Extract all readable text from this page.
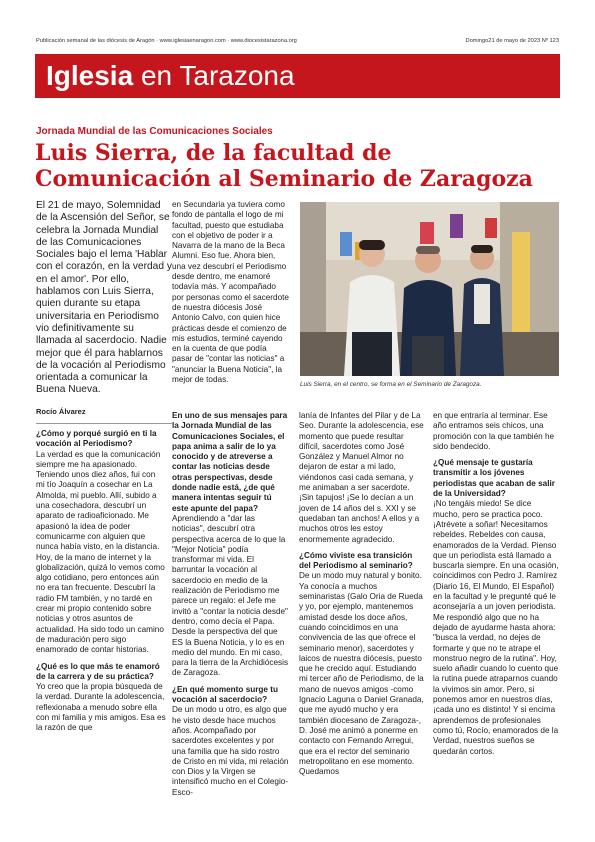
Publicación semanal de las diócesis de Aragón · www.iglesiaenaragon.com · www.diocesistarazona.org	Domingo21 de mayo de 2023 Nº 123
Iglesia en Tarazona
Jornada Mundial de las Comunicaciones Sociales
Luis Sierra, de la facultad de Comunicación al Seminario de Zaragoza

El 21 de mayo, Solemnidad de la Ascensión del Señor, se celebra la Jornada Mundial de las Comunicaciones Sociales bajo el lema 'Hablar con el corazón, en la verdad y en el amor'. Por ello, hablamos con Luis Sierra, quien durante su etapa universitaria en Periodismo vio definitivamente su llamada al sacerdocio. Nadie mejor que él para hablarnos de la vocación al Periodismo orientada a comunicar la Buena Nueva.

Rocío Álvarez

¿Cómo y porqué surgió en ti la vocación al Periodismo?

La verdad es que la comunicación siempre me ha apasionado. Teniendo unos diez años, fui con mi tío Joaquín a cosechar en La Almolda, mi pueblo. Allí, subido a una cosechadora, descubrí un aparato de radioaficionado. Me apasionó la idea de poder comunicarme con alguien que nunca había visto, en la distancia. Hoy, de la mano de internet y la globalización, quizá lo vemos como algo cotidiano, pero entonces aún no era tan frecuente. Descubrí la radio FM también, y no tardé en crear mi propio contenido sobre noticias y otros asuntos de actualidad. Ha sido todo un camino de maduración pero sigo enamorado de contar historias.

¿Qué es lo que más te enamoró de la carrera y de su práctica?

Yo creo que la propia búsqueda de la verdad. Durante la adolescencia, reflexionaba a menudo sobre ella con mi familia y mis amigos. Esa es la razón de que

en Secundaria ya tuviera como fondo de pantalla el logo de mi facultad, puesto que estudiaba con el objetivo de poder ir a Navarra de la mano de la Beca Alumni. Eso fue. Ahora bien, una vez descubrí el Periodismo desde dentro, me enamoré todavía más. Y acompañado por personas como el sacerdote de nuestra diócesis José Antonio Calvo, con quien hice prácticas desde el comienzo de mis estudios, terminé cayendo en la cuenta de que podía pasar de "contar las noticias" a "anunciar la Buena Noticia", la mejor de todas.

Luis Sierra, en el centro, se forma en el Seminario de Zaragoza.

En uno de sus mensajes para la Jornada Mundial de las Comunicaciones Sociales, el papa anima a salir de lo ya conocido y de atreverse a contar las noticias desde otras perspectivas, desde donde nadie está, ¿de qué manera intentas seguir tú este apunte del papa?

Aprendiendo a "dar las noticias", descubrí otra perspectiva acerca de lo que la "Mejor Noticia" podía transformar mi vida. El barruntar la vocación al sacerdocio en medio de la realización de Periodismo me parece un regalo: el Jefe me invitó a "contar la noticia desde" dentro, como decía el Papa. Desde la perspectiva del que ES la Buena Noticia, y lo es en medio del mundo. En mi caso, para la tierra de la Archidiócesis de Zaragoza.

¿En qué momento surge tu vocación al sacerdocio?

De un modo u otro, es algo que he visto desde hace muchos años. Acompañado por sacerdotes excelentes y por una familia que ha sido rostro de Cristo en mi vida, mi relación con Dios y la Virgen se intensificó mucho en el Colegio-Esco-

lanía de Infantes del Pilar y de La Seo. Durante la adolescencia, ese momento que puede resultar difícil, sacerdotes como José González y Manuel Almor no dejaron de estar a mi lado, viéndonos casi cada semana, y me animaban a ser sacerdote. ¡Sin tapujos! ¡Se lo decían a un joven de 14 años del s. XXI y se quedaban tan anchos! A ellos y a muchos otros les estoy enormemente agradecido.

¿Cómo viviste esa transición del Periodismo al seminario?

De un modo muy natural y bonito. Ya conocía a muchos seminaristas (Galo Oria de Rueda y yo, por ejemplo, mantenemos amistad desde los doce años, cuando coincidimos en una convivencia de las que ofrece el seminario menor), sacerdotes y laicos de nuestra diócesis, puesto que he crecido aquí. Estudiando mi tercer año de Periodismo, de la mano de nuevos amigos -como Ignacio Laguna o Daniel Granada, que me ayudó mucho y era también diocesano de Zaragoza-, D. José me animó a ponerme en contacto con Fernando Arregui, que era el rector del seminario metropolitano en ese momento. Quedamos

en que entraría al terminar. Ese año entramos seis chicos, una promoción con la que también he sido bendecido.

¿Qué mensaje te gustaría transmitir a los jóvenes periodistas que acaban de salir de la Universidad?

¡No tengáis miedo! Se dice mucho, pero se practica poco. ¡Atrévete a soñar! Necesitamos rebeldes. Rebeldes con causa, enamorados de la Verdad. Pienso que un periodista está llamado a buscarla siempre. En una ocasión, coincidimos con Pedro J. Ramírez (Diario 16, El Mundo, El Español) en la facultad y le pregunté qué le aconsejaría a un joven periodista. Me respondió algo que no ha dejado de ayudarme hasta ahora: "busca la verdad, no dejes de formarte y que no te atrape el monstruo negro de la rutina". Hoy, suelo añadir cuando lo cuento que la rutina puede atraparnos cuando la vivimos sin amor. Pero, si ponemos amor en nuestros días, ¡cada uno es distinto! Y si encima aprendemos de profesionales como tú, Rocío, enamorados de la Verdad, nuestros sueños se quedarán cortos.
